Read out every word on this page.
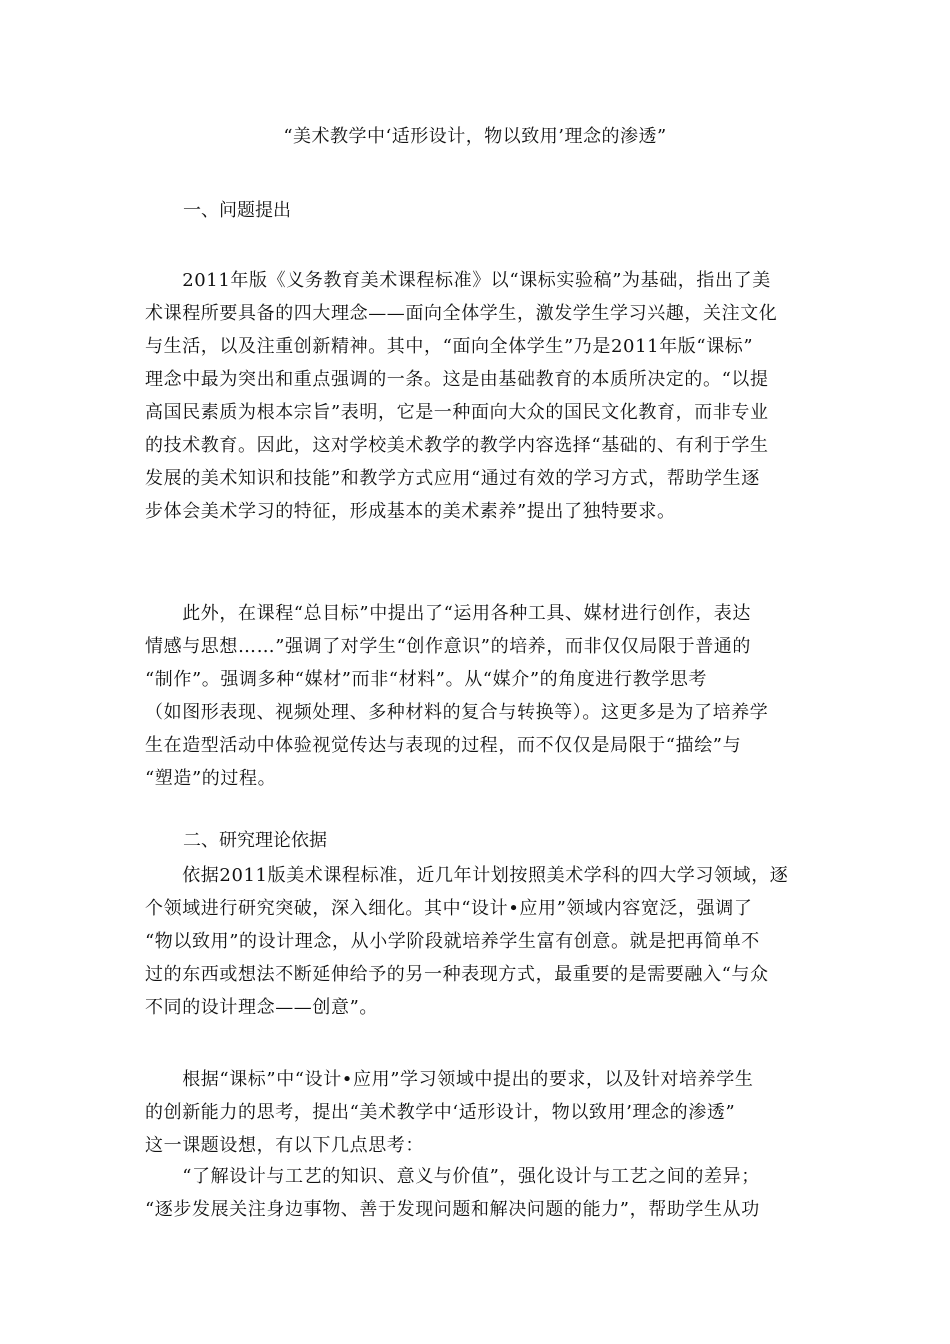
“美术教学中‘适形设计，物以致用’理念的渗透”
一、问题提出
　　2011年版《义务教育美术课程标准》以“课标实验稿”为基础，指出了美
术课程所要具备的四大理念——面向全体学生，激发学生学习兴趣，关注文化
与生活，以及注重创新精神。其中，“面向全体学生”乃是2011年版“课标”
理念中最为突出和重点强调的一条。这是由基础教育的本质所决定的。“以提
高国民素质为根本宗旨”表明，它是一种面向大众的国民文化教育，而非专业
的技术教育。因此，这对学校美术教学的教学内容选择“基础的、有利于学生
发展的美术知识和技能”和教学方式应用“通过有效的学习方式，帮助学生逐
步体会美术学习的特征，形成基本的美术素养”提出了独特要求。
　　此外，在课程“总目标”中提出了“运用各种工具、媒材进行创作，表达
情感与思想……”强调了对学生“创作意识”的培养，而非仅仅局限于普通的
“制作”。强调多种“媒材”而非“材料”。从“媒介”的角度进行教学思考
（如图形表现、视频处理、多种材料的复合与转换等）。这更多是为了培养学
生在造型活动中体验视觉传达与表现的过程，而不仅仅是局限于“描绘”与
“塑造”的过程。
二、研究理论依据
　　依据2011版美术课程标准，近几年计划按照美术学科的四大学习领域，逐
个领域进行研究突破，深入细化。其中“设计•应用”领域内容宽泛，强调了
“物以致用”的设计理念，从小学阶段就培养学生富有创意。就是把再简单不
过的东西或想法不断延伸给予的另一种表现方式，最重要的是需要融入“与众
不同的设计理念——创意”。
　　根据“课标”中“设计•应用”学习领域中提出的要求，以及针对培养学生
的创新能力的思考，提出“美术教学中‘适形设计，物以致用’理念的渗透”
这一课题设想，有以下几点思考：
　　“了解设计与工艺的知识、意义与价值”，强化设计与工艺之间的差异；
“逐步发展关注身边事物、善于发现问题和解决问题的能力”，帮助学生从功
